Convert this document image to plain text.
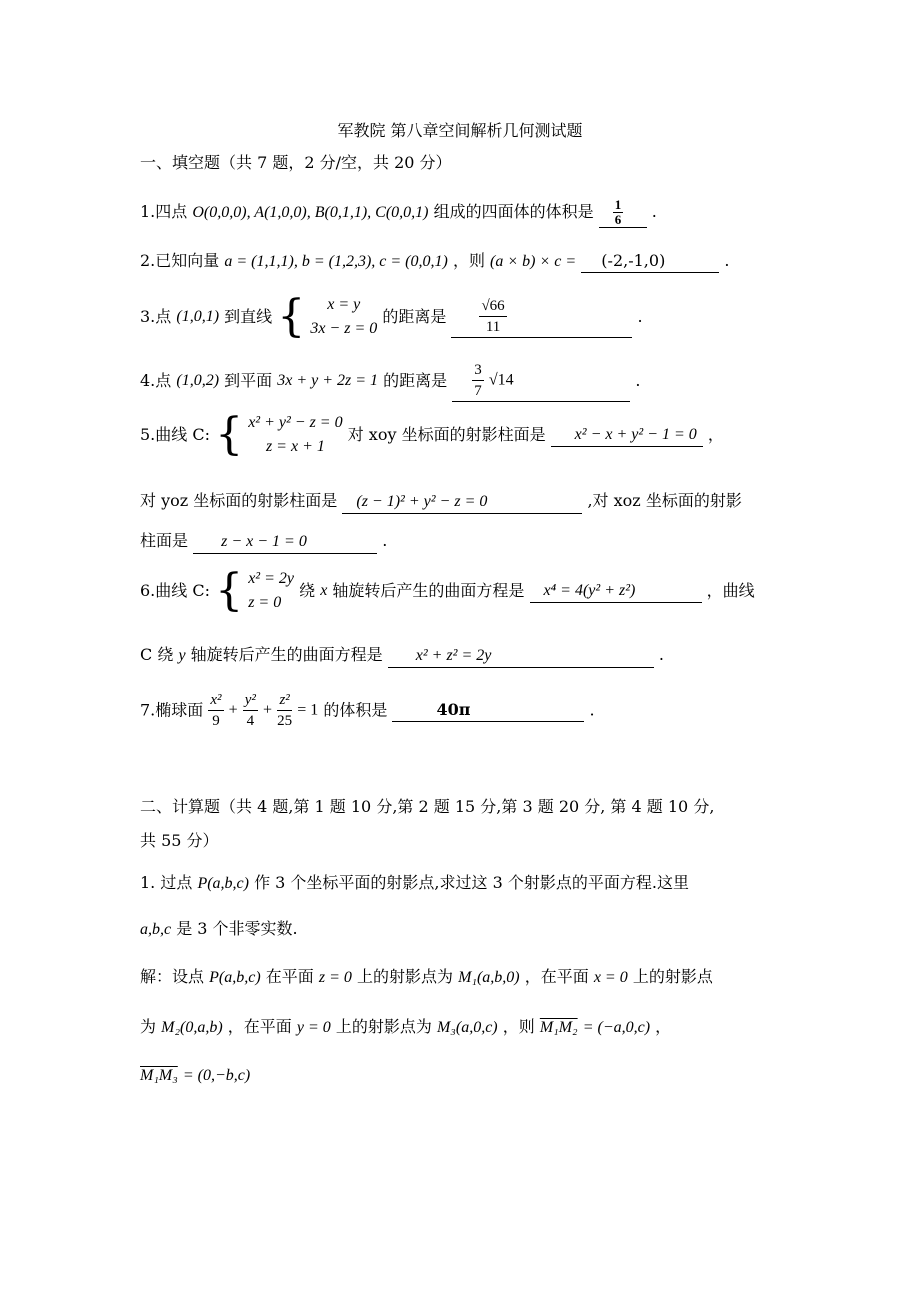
军教院 第八章空间解析几何测试题
一、填空题（共 7 题，2 分/空，共 20 分）
1.四点 O(0,0,0), A(1,0,0), B(0,1,1), C(0,0,1) 组成的四面体的体积是 $\frac{1}{6}$ .
2.已知向量 a = (1,1,1), b = (1,2,3), c = (0,0,1) ，则 (a × b) × c = (-2,-1,0)	.
3.点 (1,0,1) 到直线 {	x = y
3x − z = 0
的距离是 $\frac{√66}{11}$	.
4.点 (1,0,2) 到平面 3x + y + 2z = 1 的距离是 $\frac{3}{7} √14$	.
5.曲线 C: { x² + y² − z = 0
z = x + 1
对 xoy 坐标面的射影柱面是 x² − x + y² − 1 = 0 ，
对 yoz 坐标面的射影柱面是 (z − 1)² + y² − z = 0	,对 xoz 坐标面的射影
柱面是 z − x − 1 = 0	.
6.曲线 C: { x² = 2y
z = 0
绕 x 轴旋转后产生的曲面方程是 x⁴ = 4(y² + z²)	，曲线
C 绕 y 轴旋转后产生的曲面方程是 x² + z² = 2y	.
7.椭球面 $\frac{\text{x²}}{9} + \frac{\text{y²}}{4} + \frac{\text{z²}}{25} = 1$ 的体积是	40π	.
二、计算题（共 4 题,第 1 题 10 分,第 2 题 15 分,第 3 题 20 分, 第 4 题 10 分,
共 55 分）
1. 过点 P(a,b,c) 作 3 个坐标平面的射影点,求过这 3 个射影点的平面方程.这里
a,b,c 是 3 个非零实数.
解：设点 P(a,b,c) 在平面 z = 0 上的射影点为 M₁(a,b,0) ，在平面 x = 0 上的射影点
为 M₂(0,a,b) ，在平面 y = 0 上的射影点为 M₃(a,0,c) ，则 M₁M₂ = (−a,0,c) ，
M₁M₃ = (0,−b,c)
